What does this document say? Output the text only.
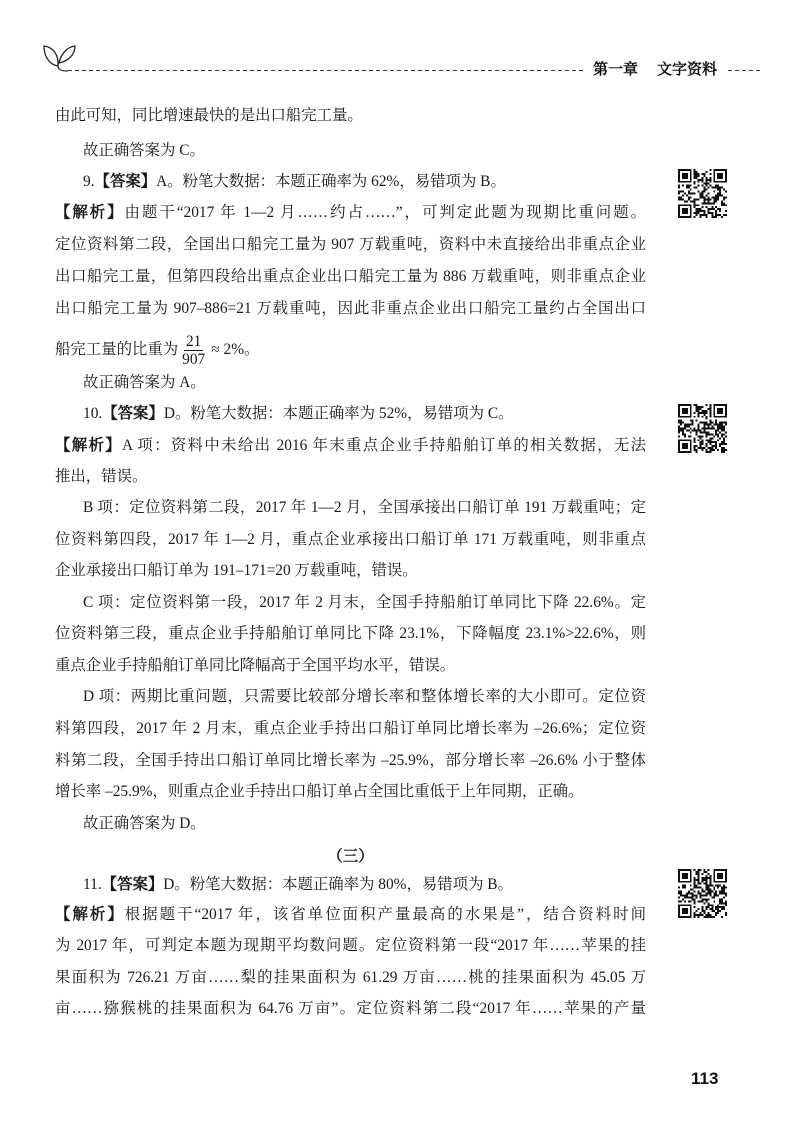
第一章 文字资料
由此可知，同比增速最快的是出口船完工量。
故正确答案为 C。
9.【答案】A。粉笔大数据：本题正确率为 62%，易错项为 B。
【解析】由题干“2017 年 1—2 月……约占……”，可判定此题为现期比重问题。
定位资料第二段，全国出口船完工量为 907 万载重吨，资料中未直接给出非重点企业
出口船完工量，但第四段给出重点企业出口船完工量为 886 万载重吨，则非重点企业
出口船完工量为 907–886=21 万载重吨，因此非重点企业出口船完工量约占全国出口
船完工量的比重为 $\frac{21}{907} \approx 2\%$。
故正确答案为 A。
10.【答案】D。粉笔大数据：本题正确率为 52%，易错项为 C。
【解析】A 项：资料中未给出 2016 年末重点企业手持船舶订单的相关数据，无法
推出，错误。
B 项：定位资料第二段，2017 年 1—2 月，全国承接出口船订单 191 万载重吨；定
位资料第四段，2017 年 1—2 月，重点企业承接出口船订单 171 万载重吨，则非重点
企业承接出口船订单为 191–171=20 万载重吨，错误。
C 项：定位资料第一段，2017 年 2 月末，全国手持船舶订单同比下降 22.6%。定
位资料第三段，重点企业手持船舶订单同比下降 23.1%，下降幅度 23.1%>22.6%，则
重点企业手持船舶订单同比降幅高于全国平均水平，错误。
D 项：两期比重问题，只需要比较部分增长率和整体增长率的大小即可。定位资
料第四段，2017 年 2 月末，重点企业手持出口船订单同比增长率为 –26.6%；定位资
料第二段，全国手持出口船订单同比增长率为 –25.9%，部分增长率 –26.6% 小于整体
增长率 –25.9%，则重点企业手持出口船订单占全国比重低于上年同期，正确。
故正确答案为 D。
（三）
11.【答案】D。粉笔大数据：本题正确率为 80%，易错项为 B。
【解析】根据题干“2017 年，该省单位面积产量最高的水果是”，结合资料时间
为 2017 年，可判定本题为现期平均数问题。定位资料第一段“2017 年……苹果的挂
果面积为 726.21 万亩……梨的挂果面积为 61.29 万亩……桃的挂果面积为 45.05 万
亩……猕猴桃的挂果面积为 64.76 万亩”。定位资料第二段“2017 年……苹果的产量
113
